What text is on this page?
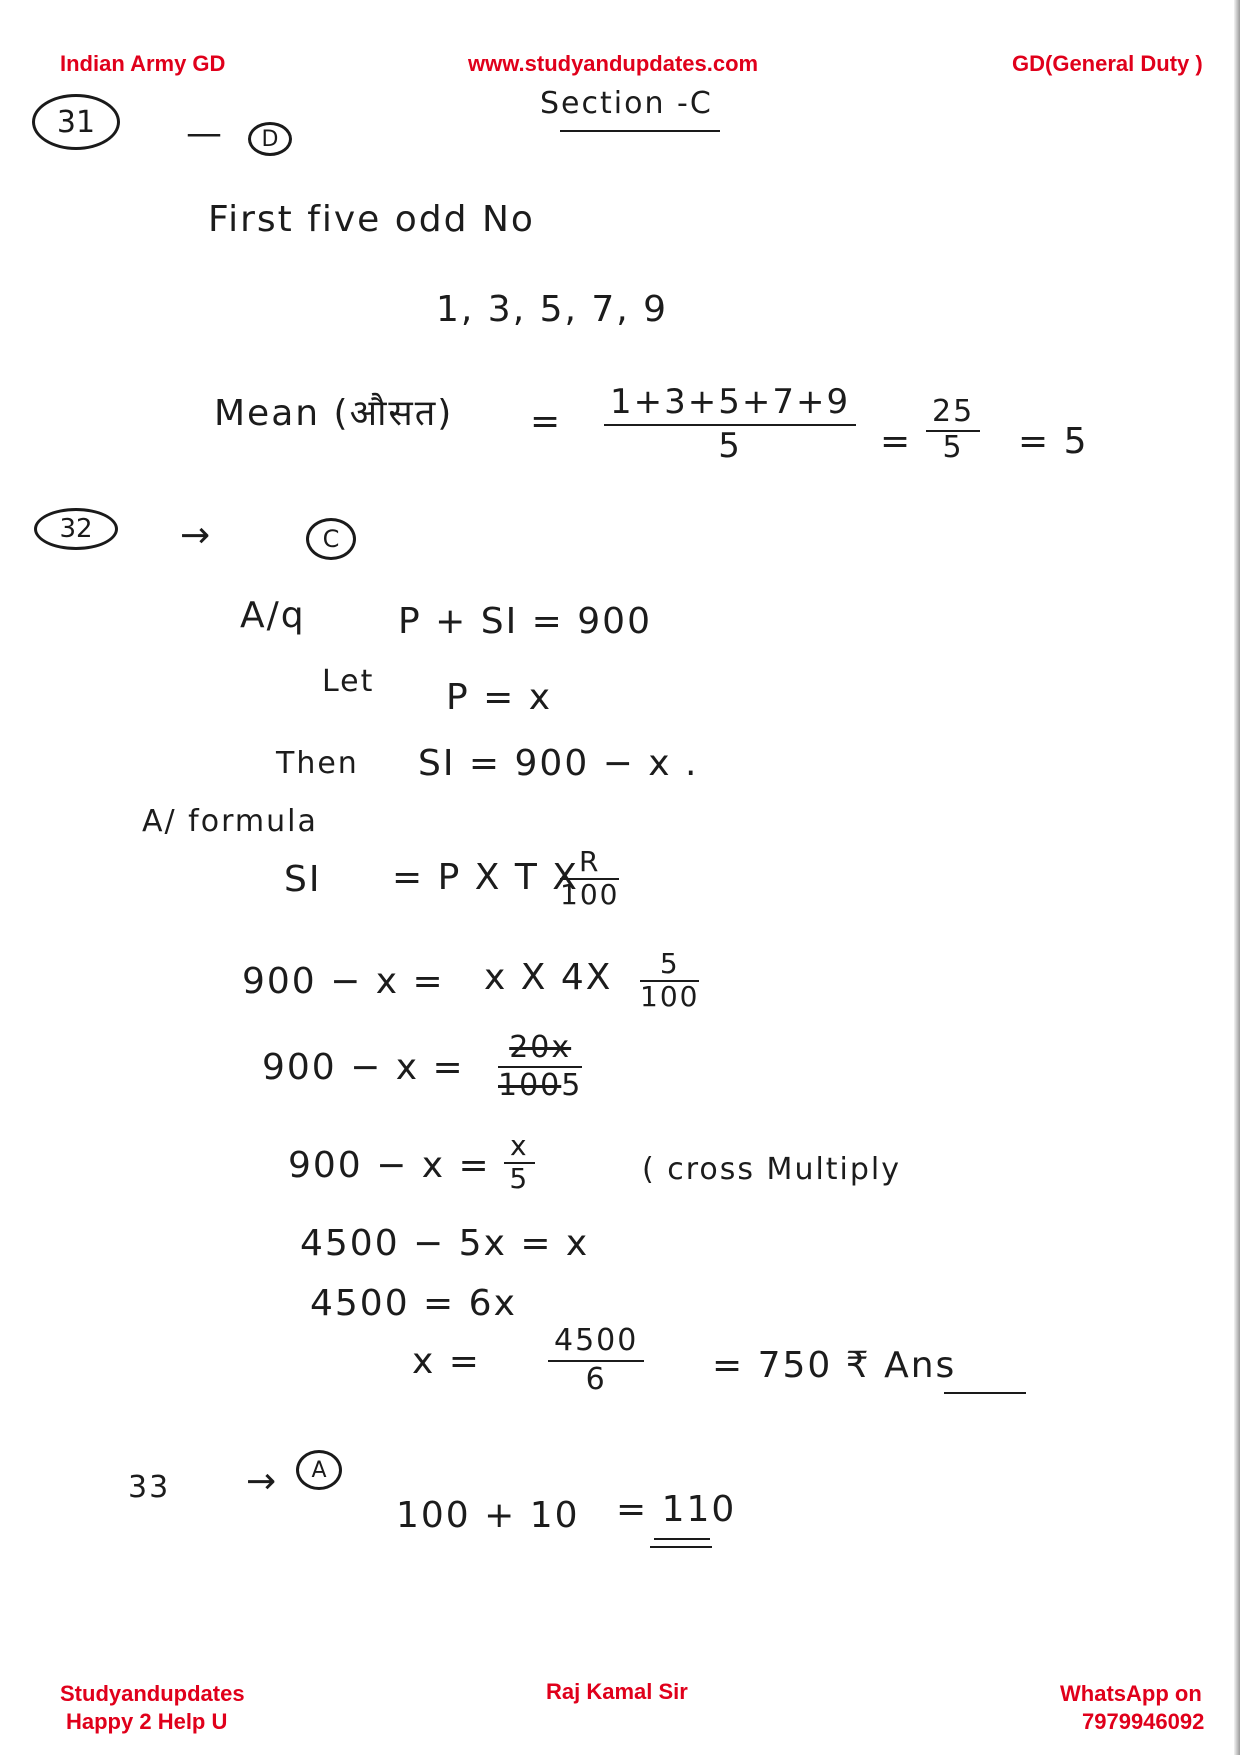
Indian Army GD	www.studyandupdates.com	GD(General Duty )
Section -C
31	— D
First five odd No
1, 3, 5, 7, 9
Mean (औसत) = 1+3+5+7+9
5	=
25
5 = 5
32 →	C
A/q	P + SI = 900
Let P = x
Then SI = 900 − x .
A/ formula
SI = P X T X R
100
900 − x = x X 4X 5
100
900 − x = 20x
1005
900 − x = x
5	( cross Multiply
4500 − 5x = x
4500 = 6x
x =
4500
6	= 750 ₹ Ans
33 → A
100 + 10 = 110
Studyandupdates
Happy 2 Help U
Raj Kamal Sir	WhatsApp on
7979946092
